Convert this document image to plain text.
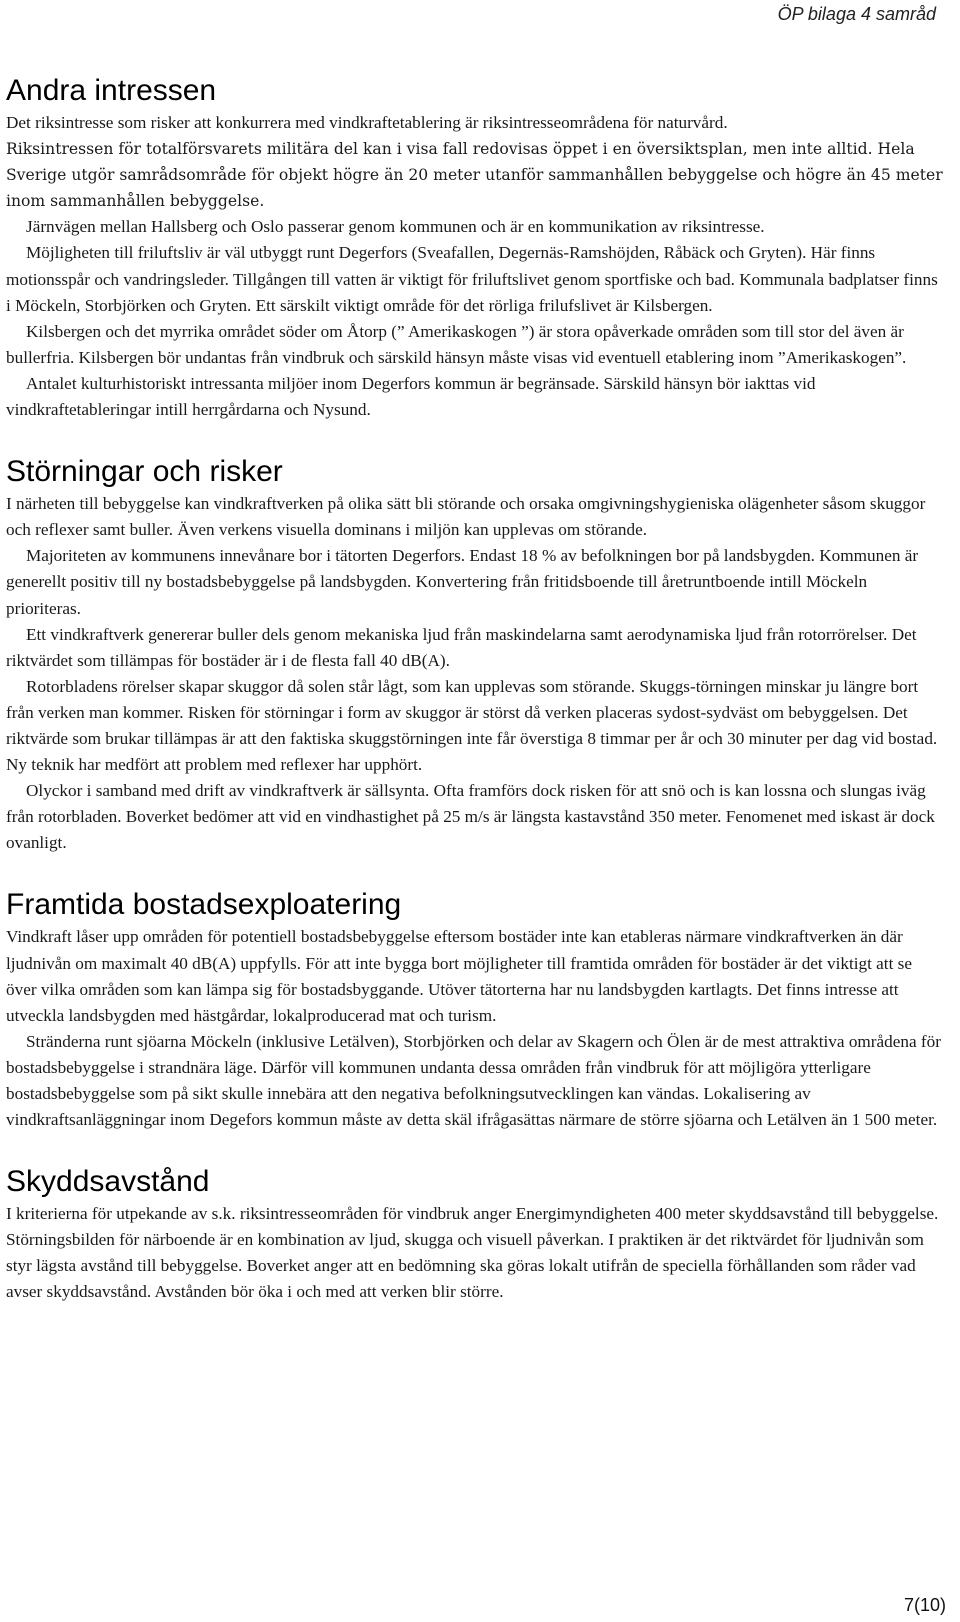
ÖP bilaga 4 samråd
Andra intressen

Det riksintresse som risker att konkurrera med vindkraftetablering är riksintresseområdena för naturvård.

Riksintressen för totalförsvarets militära del kan i visa fall redovisas öppet i en översiktsplan, men inte alltid. Hela Sverige utgör samrådsområde för objekt högre än 20 meter utanför sammanhållen bebyggelse och högre än 45 meter inom sammanhållen bebyggelse.

Järnvägen mellan Hallsberg och Oslo passerar genom kommunen och är en kommunikation av riksintresse.

Möjligheten till friluftsliv är väl utbyggt runt Degerfors (Sveafallen, Degernäs-Ramshöjden, Råbäck och Gryten). Här finns motionsspår och vandringsleder. Tillgången till vatten är viktigt för friluftslivet genom sportfiske och bad. Kommunala badplatser finns i Möckeln, Storbjörken och Gryten. Ett särskilt viktigt område för det rörliga frilufslivet är Kilsbergen.

Kilsbergen och det myrrika området söder om Åtorp (” Amerikaskogen ”) är stora opåverkade områden som till stor del även är bullerfria. Kilsbergen bör undantas från vindbruk och särskild hänsyn måste visas vid eventuell etablering inom ”Amerikaskogen”.

Antalet kulturhistoriskt intressanta miljöer inom Degerfors kommun är begränsade. Särskild hänsyn bör iakttas vid vindkraftetableringar intill herrgårdarna och Nysund.

Störningar och risker

I närheten till bebyggelse kan vindkraftverken på olika sätt bli störande och orsaka omgivningshygieniska olägenheter såsom skuggor och reflexer samt buller. Även verkens visuella dominans i miljön kan upplevas om störande.

Majoriteten av kommunens innevånare bor i tätorten Degerfors. Endast 18 % av befolkningen bor på landsbygden. Kommunen är generellt positiv till ny bostadsbebyggelse på landsbygden. Konvertering från fritidsboende till åretruntboende intill Möckeln prioriteras.

Ett vindkraftverk genererar buller dels genom mekaniska ljud från maskindelarna samt aerodynamiska ljud från rotorrörelser. Det riktvärdet som tillämpas för bostäder är i de flesta fall 40 dB(A).

Rotorbladens rörelser skapar skuggor då solen står lågt, som kan upplevas som störande. Skuggs-törningen minskar ju längre bort från verken man kommer. Risken för störningar i form av skuggor är störst då verken placeras sydost-sydväst om bebyggelsen. Det riktvärde som brukar tillämpas är att den faktiska skuggstörningen inte får överstiga 8 timmar per år och 30 minuter per dag vid bostad.

Ny teknik har medfört att problem med reflexer har upphört.

Olyckor i samband med drift av vindkraftverk är sällsynta. Ofta framförs dock risken för att snö och is kan lossna och slungas iväg från rotorbladen. Boverket bedömer att vid en vindhastighet på 25 m/s är längsta kastavstånd 350 meter. Fenomenet med iskast är dock ovanligt.

Framtida bostadsexploatering

Vindkraft låser upp områden för potentiell bostadsbebyggelse eftersom bostäder inte kan etableras närmare vindkraftverken än där ljudnivån om maximalt 40 dB(A) uppfylls. För att inte bygga bort möjligheter till framtida områden för bostäder är det viktigt att se över vilka områden som kan lämpa sig för bostadsbyggande. Utöver tätorterna har nu landsbygden kartlagts. Det finns intresse att utveckla landsbygden med hästgårdar, lokalproducerad mat och turism.

Stränderna runt sjöarna Möckeln (inklusive Letälven), Storbjörken och delar av Skagern och Ölen är de mest attraktiva områdena för bostadsbebyggelse i strandnära läge. Därför vill kommunen undanta dessa områden från vindbruk för att möjligöra ytterligare bostadsbebyggelse som på sikt skulle innebära att den negativa befolkningsutvecklingen kan vändas. Lokalisering av vindkraftsanläggningar inom Degefors kommun måste av detta skäl ifrågasättas närmare de större sjöarna och Letälven än 1 500 meter.

Skyddsavstånd

I kriterierna för utpekande av s.k. riksintresseområden för vindbruk anger Energimyndigheten 400 meter skyddsavstånd till bebyggelse. Störningsbilden för närboende är en kombination av ljud, skugga och visuell påverkan. I praktiken är det riktvärdet för ljudnivån som styr lägsta avstånd till bebyggelse. Boverket anger att en bedömning ska göras lokalt utifrån de speciella förhållanden som råder vad avser skyddsavstånd. Avstånden bör öka i och med att verken blir större.

7(10)
